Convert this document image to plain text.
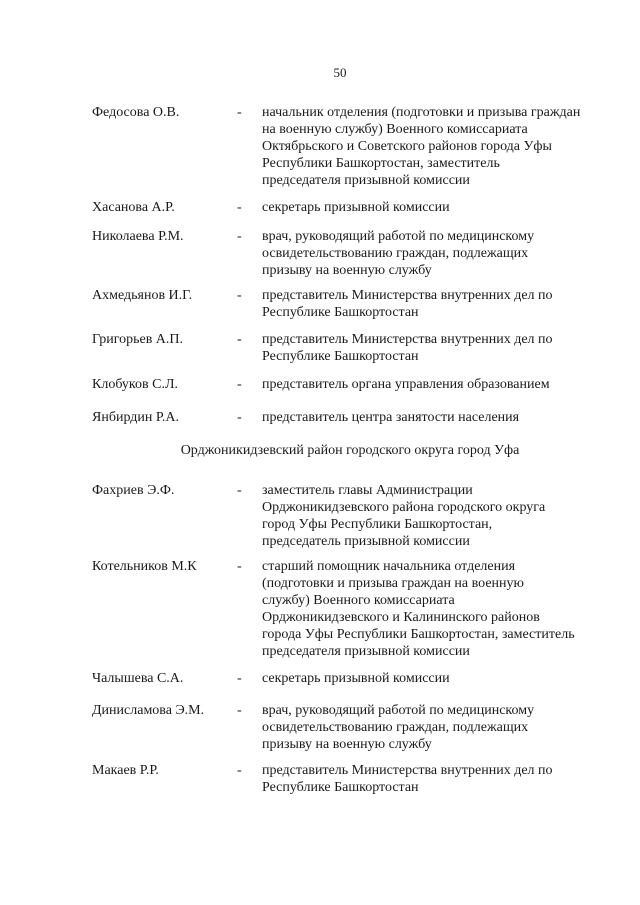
50
Федосова О.В.	- начальник отделения (подготовки и призыва граждан
на военную службу) Военного комиссариата
Октябрьского и Советского районов города Уфы
Республики Башкортостан, заместитель
председателя призывной комиссии
Хасанова А.Р.	- секретарь призывной комиссии
Николаева Р.М.	- врач, руководящий работой по медицинскому
освидетельствованию граждан, подлежащих
призыву на военную службу
Ахмедьянов И.Г.	- представитель Министерства внутренних дел по
Республике Башкортостан
Григорьев А.П.	- представитель Министерства внутренних дел по
Республике Башкортостан
Клобуков С.Л.	- представитель органа управления образованием
Янбирдин Р.А.	- представитель центра занятости населения
Орджоникидзевский район городского округа город Уфа
Фахриев Э.Ф.	- заместитель главы Администрации
Орджоникидзевского района городского округа
город Уфы Республики Башкортостан,
председатель призывной комиссии
Котельников М.К	- старший помощник начальника отделения
(подготовки и призыва граждан на военную
службу) Военного комиссариата
Орджоникидзевского и Калининского районов
города Уфы Республики Башкортостан, заместитель
председателя призывной комиссии
Чалышева С.А.	- секретарь призывной комиссии
Динисламова Э.М. - врач, руководящий работой по медицинскому
освидетельствованию граждан, подлежащих
призыву на военную службу
Макаев Р.Р.	- представитель Министерства внутренних дел по
Республике Башкортостан
